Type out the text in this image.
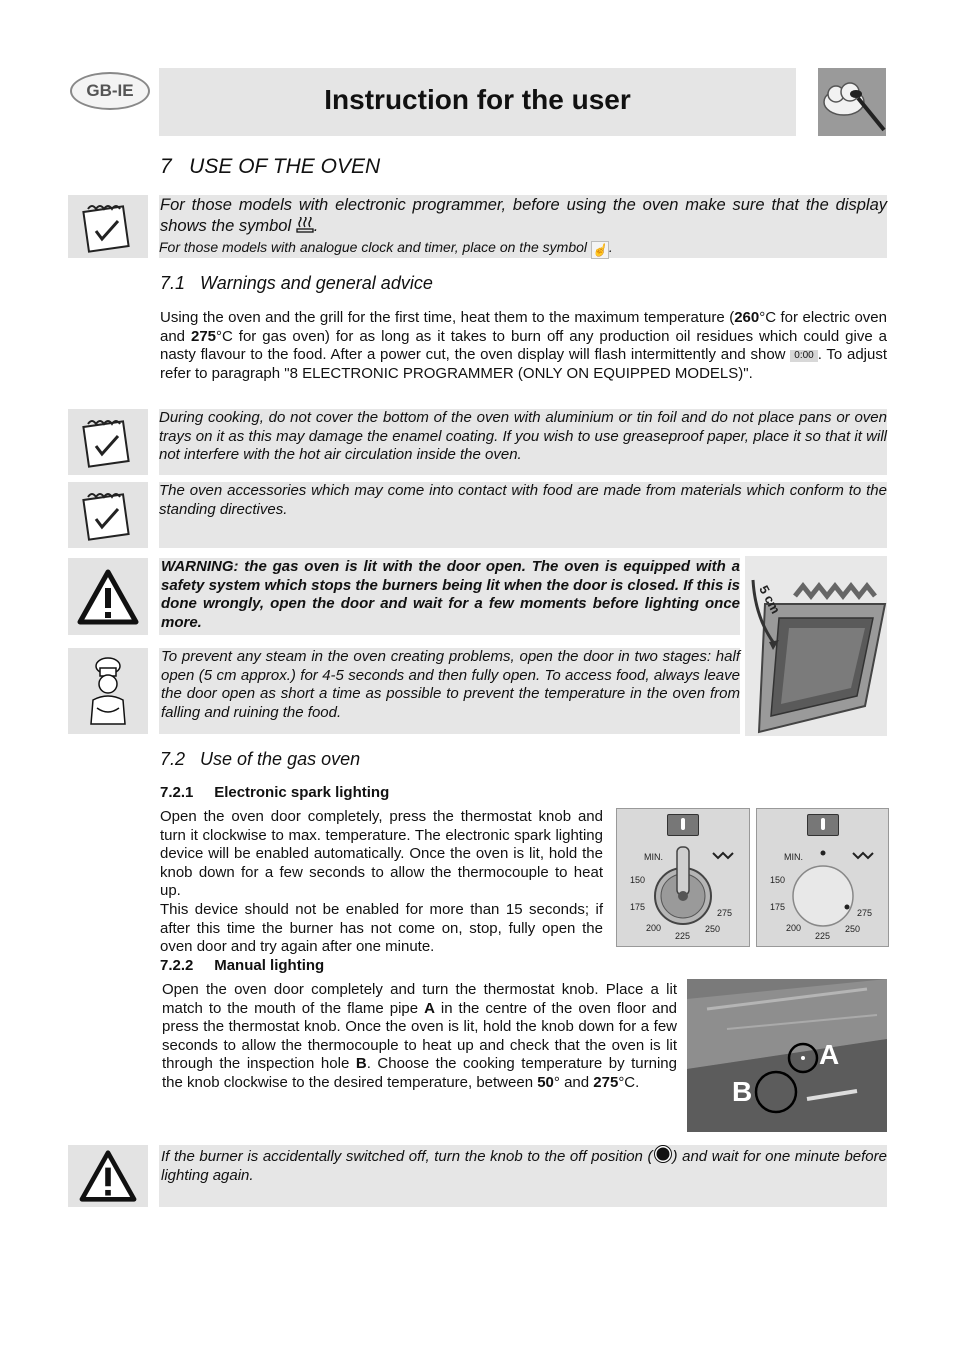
GB-IE	Instruction for the user
7   USE OF THE OVEN

For those models with electronic programmer, before using the oven make sure that the display shows the symbol .

For those models with analogue clock and timer, place on the symbol ☝ .

7.1   Warnings and general advice
Using the oven and the grill for the first time, heat them to the maximum temperature (260°C for electric oven and 275°C for gas oven) for as long as it takes to burn off any production oil residues which could give a nasty flavour to the food. After a power cut, the oven display will flash intermittently and show 0:00 . To adjust refer to paragraph "8 ELECTRONIC PROGRAMMER (ONLY ON EQUIPPED MODELS)".

During cooking, do not cover the bottom of the oven with aluminium or tin foil and do not place pans or oven trays on it as this may damage the enamel coating. If you wish to use greaseproof paper, place it so that it will not interfere with the hot air circulation inside the oven.

The oven accessories which may come into contact with food are made from materials which conform to the standing directives.

WARNING: the gas oven is lit with the door open. The oven is equipped with a safety system which stops the burners being lit when the door is closed. If this is done wrongly, open the door and wait for a few moments before lighting once more.

To prevent any steam in the oven creating problems, open the door in two stages: half open (5 cm approx.) for 4-5 seconds and then fully open. To access food, always leave the door open as short a time as possible to prevent the temperature in the oven from falling and ruining the food.

5 cm
7.2   Use of the gas oven
7.2.1     Electronic spark lighting

Open the oven door completely, press the thermostat knob and turn it clockwise to max. temperature. The electronic spark lighting device will be enabled automatically. Once the oven is lit, hold the knob down for a few seconds to allow the thermocouple to heat up.

This device should not be enabled for more than 15 seconds; if after this time the burner has not come on, stop, fully open the oven door and try again after one minute.

MIN.
150
175
200
225
250
275
MIN.
150
175
200
225
250
275
7.2.2     Manual lighting
Open the oven door completely and turn the thermostat knob. Place a lit match to the mouth of the flame pipe A in the centre of the oven floor and press the thermostat knob. Once the oven is lit, hold the knob down for a few seconds to allow the thermocouple to heat up and check that the oven is lit through the inspection hole B. Choose the cooking temperature by turning the knob clockwise to the desired temperature, between 50° and 275°C.
A
B

If the burner is accidentally switched off, turn the knob to the off position ( ) and wait for one minute before lighting again.
